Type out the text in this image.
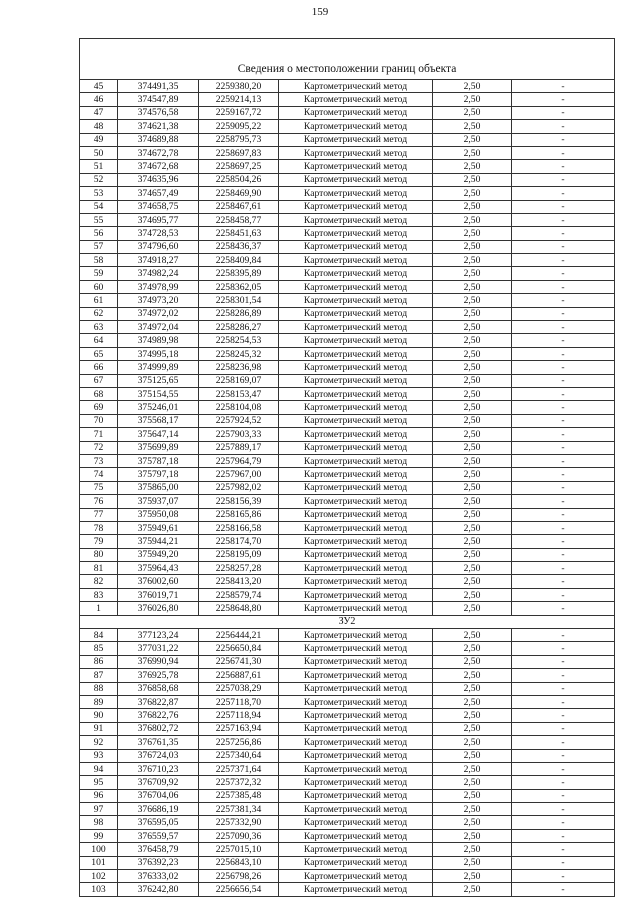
159
Сведения о местоположении границ объекта					
45	374491,35	2259380,20	Картометрический метод	2,50	-
46	374547,89	2259214,13	Картометрический метод	2,50	-
47	374576,58	2259167,72	Картометрический метод	2,50	-
48	374621,38	2259095,22	Картометрический метод	2,50	-
49	374689,88	2258795,73	Картометрический метод	2,50	-
50	374672,78	2258697,83	Картометрический метод	2,50	-
51	374672,68	2258697,25	Картометрический метод	2,50	-
52	374635,96	2258504,26	Картометрический метод	2,50	-
53	374657,49	2258469,90	Картометрический метод	2,50	-
54	374658,75	2258467,61	Картометрический метод	2,50	-
55	374695,77	2258458,77	Картометрический метод	2,50	-
56	374728,53	2258451,63	Картометрический метод	2,50	-
57	374796,60	2258436,37	Картометрический метод	2,50	-
58	374918,27	2258409,84	Картометрический метод	2,50	-
59	374982,24	2258395,89	Картометрический метод	2,50	-
60	374978,99	2258362,05	Картометрический метод	2,50	-
61	374973,20	2258301,54	Картометрический метод	2,50	-
62	374972,02	2258286,89	Картометрический метод	2,50	-
63	374972,04	2258286,27	Картометрический метод	2,50	-
64	374989,98	2258254,53	Картометрический метод	2,50	-
65	374995,18	2258245,32	Картометрический метод	2,50	-
66	374999,89	2258236,98	Картометрический метод	2,50	-
67	375125,65	2258169,07	Картометрический метод	2,50	-
68	375154,55	2258153,47	Картометрический метод	2,50	-
69	375246,01	2258104,08	Картометрический метод	2,50	-
70	375568,17	2257924,52	Картометрический метод	2,50	-
71	375647,14	2257903,33	Картометрический метод	2,50	-
72	375699,89	2257889,17	Картометрический метод	2,50	-
73	375787,18	2257964,79	Картометрический метод	2,50	-
74	375797,18	2257967,00	Картометрический метод	2,50	-
75	375865,00	2257982,02	Картометрический метод	2,50	-
76	375937,07	2258156,39	Картометрический метод	2,50	-
77	375950,08	2258165,86	Картометрический метод	2,50	-
78	375949,61	2258166,58	Картометрический метод	2,50	-
79	375944,21	2258174,70	Картометрический метод	2,50	-
80	375949,20	2258195,09	Картометрический метод	2,50	-
81	375964,43	2258257,28	Картометрический метод	2,50	-
82	376002,60	2258413,20	Картометрический метод	2,50	-
83	376019,71	2258579,74	Картометрический метод	2,50	-
1	376026,80	2258648,80	Картометрический метод	2,50	-
ЗУ2					
84	377123,24	2256444,21	Картометрический метод	2,50	-
85	377031,22	2256650,84	Картометрический метод	2,50	-
86	376990,94	2256741,30	Картометрический метод	2,50	-
87	376925,78	2256887,61	Картометрический метод	2,50	-
88	376858,68	2257038,29	Картометрический метод	2,50	-
89	376822,87	2257118,70	Картометрический метод	2,50	-
90	376822,76	2257118,94	Картометрический метод	2,50	-
91	376802,72	2257163,94	Картометрический метод	2,50	-
92	376761,35	2257256,86	Картометрический метод	2,50	-
93	376724,03	2257340,64	Картометрический метод	2,50	-
94	376710,23	2257371,64	Картометрический метод	2,50	-
95	376709,92	2257372,32	Картометрический метод	2,50	-
96	376704,06	2257385,48	Картометрический метод	2,50	-
97	376686,19	2257381,34	Картометрический метод	2,50	-
98	376595,05	2257332,90	Картометрический метод	2,50	-
99	376559,57	2257090,36	Картометрический метод	2,50	-
100	376458,79	2257015,10	Картометрический метод	2,50	-
101	376392,23	2256843,10	Картометрический метод	2,50	-
102	376333,02	2256798,26	Картометрический метод	2,50	-
103	376242,80	2256656,54	Картометрический метод	2,50	-
